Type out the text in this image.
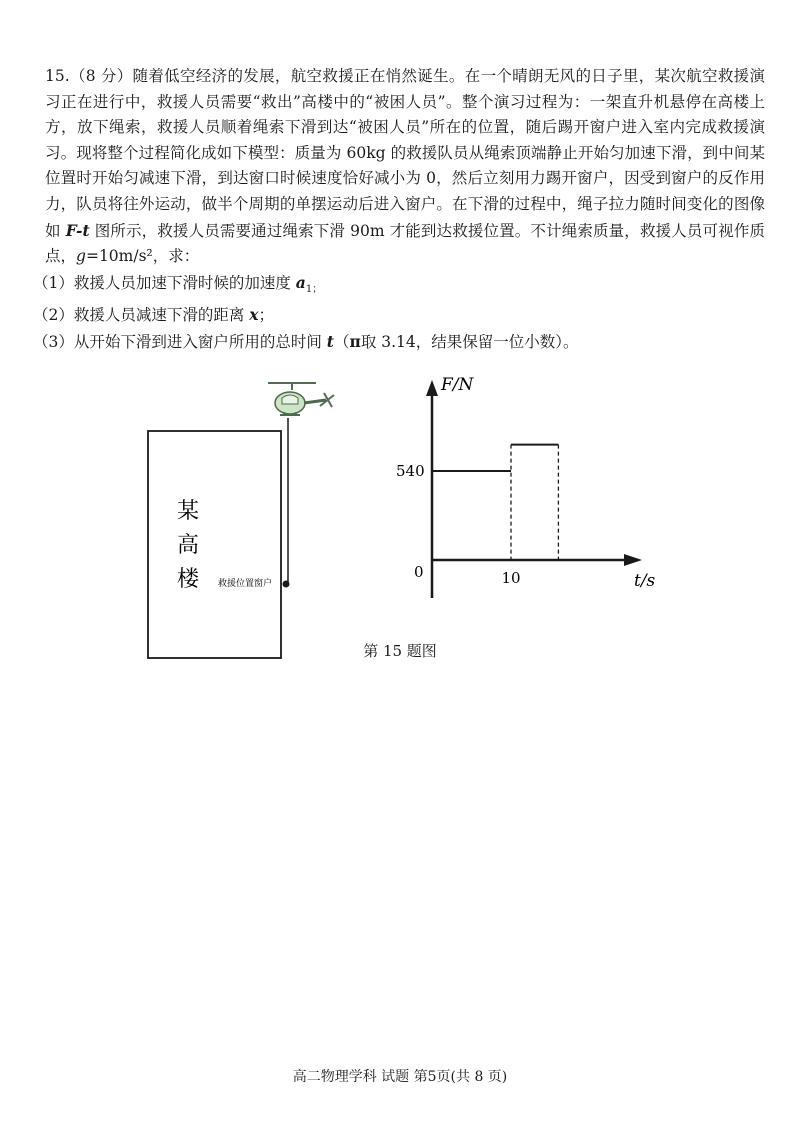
15.（8 分）随着低空经济的发展，航空救援正在悄然诞生。在一个晴朗无风的日子里，某次航空救援演习正在进行中，救援人员需要“救出”高楼中的“被困人员”。整个演习过程为：一架直升机悬停在高楼上方，放下绳索，救援人员顺着绳索下滑到达“被困人员”所在的位置，随后踢开窗户进入室内完成救援演习。现将整个过程简化成如下模型：质量为 60kg 的救援队员从绳索顶端静止开始匀加速下滑，到中间某位置时开始匀减速下滑，到达窗口时候速度恰好减小为 0，然后立刻用力踢开窗户，因受到窗户的反作用力，队员将往外运动，做半个周期的单摆运动后进入窗户。在下滑的过程中，绳子拉力随时间变化的图像如 F-t 图所示，救援人员需要通过绳索下滑 90m 才能到达救援位置。不计绳索质量，救援人员可视作质点，g=10m/s²，求：

（1）救援人员加速下滑时候的加速度 $a_{1;}$

（2）救援人员减速下滑的距离 x；

（3）从开始下滑到进入窗户所用的总时间 t（π取 3.14，结果保留一位小数）。

某
高
楼 救援位置窗户
F/N
t/s
0
540
10
第 15 题图
高二物理学科 试题 第5页(共 8 页)
